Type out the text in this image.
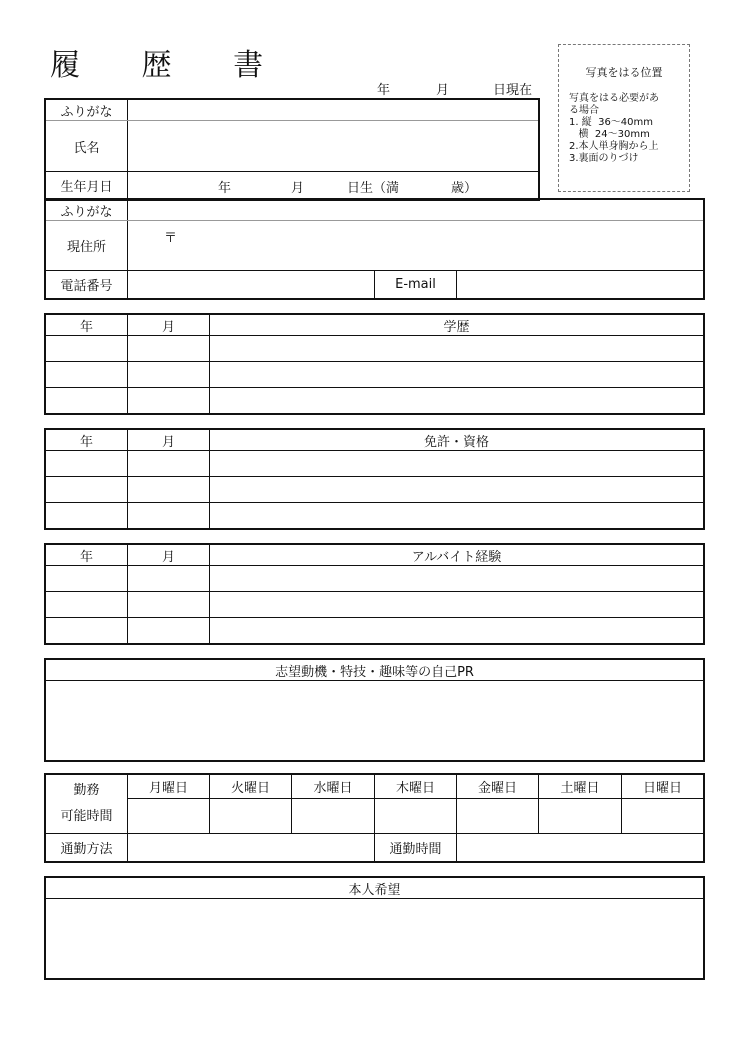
履 歴 書
年	月	日現在
写真をはる位置
写真をはる必要があ
る場合
1. 縦  36〜40mm
横  24〜30mm
2.本人単身胸から上
3.裏面のりづけ
ふりがな	
氏名	
生年月日	年 月 日生（満 歳）
ふりがな			
現住所	〒		
電話番号		E-mail	
年	月	学歴

年	月	免許・資格

年	月	アルバイト経験

志望動機・特技・趣味等の自己PR

勤務
可能時間	月曜日	火曜日	水曜日	木曜日	金曜日	土曜日	日曜日

通勤方法				通勤時間			
本人希望
